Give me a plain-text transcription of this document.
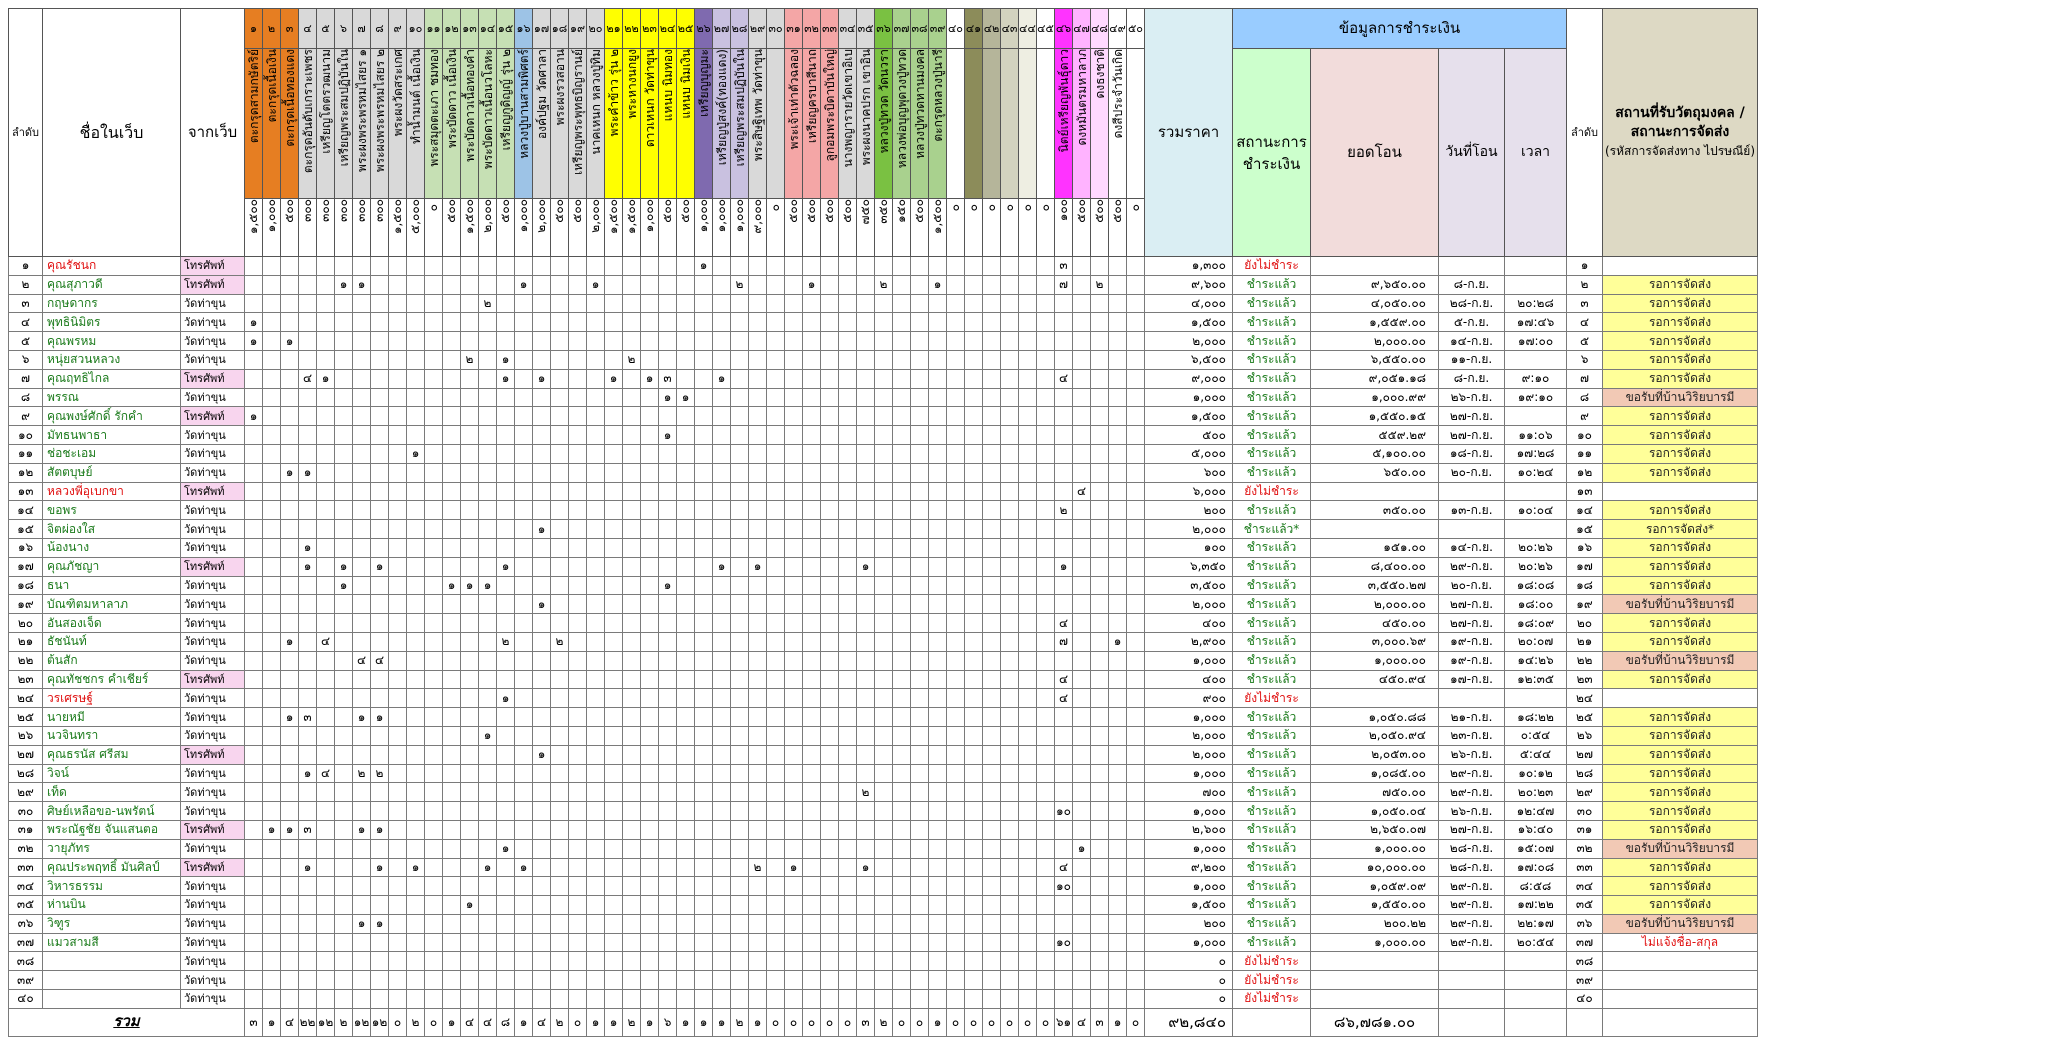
ลำดับ	ชื่อในเว็บ	จากเว็บ	๑	๒	๓	๔	๕	๖	๗	๘	๙	๑๐	๑๑	๑๒	๑๓	๑๔	๑๕	๑๖	๑๗	๑๘	๑๙	๒๐	๒๑	๒๒	๒๓	๒๔	๒๕	๒๖	๒๗	๒๘	๒๙	๓๐	๓๑	๓๒	๓๓	๓๔	๓๕	๓๖	๓๗	๓๘	๓๙	๔๐	๔๑	๔๒	๔๓	๔๔	๔๕	๔๖	๔๗	๔๘	๔๙	๕๐	รวมราคา	ข้อมูลการชำระเงิน				ลำดับ	สถานที่รับวัตถุมงคล / สถานะการจัดส่ง
(รหัสการจัดส่งทาง ไปรษณีย์)

			ตะกรุดสามกษัตริย์	ตะกรุดเนื้อเงิน	ตะกรุดเนื้อทองแดง	ตะกรุดอันดับเกราะเพชร	เหรียญโตตรวฒนาม	เหรียญพระสมปฏิบันใน	พระผงพระพรหมไสยร ๑	พระผงพระพรหมไสยร ๒	พระผงวัดสระเกศ	ทำน้ำมนต์ เนื้อเงิน	พระสมุดตะเภา ชมทอง	พระบัดดาว เนื้อเงิน	พระบัดดาวเนื้อทองคำ	พระบัดดาวเนื้อนวโลหะ	เหรียญกูดิญญ์ รุ่น ๒	หลวงปู่บานสามพิศตร์	องค์ปฐม วัดศาลา	พระผงรวสอาน	เหรียญพระพุทธบิญรานย์	นาคเหนก หลวงปู่ทิม	พระคำข้าว รุ่น ๒	พระหางนกยูง	ดาวเหนก วัดท่าขุน	แหนบ นิมทอง	แหนบ นิมเงิน	เหรียญบุญมะ	เหรียญปู่สงค์(ทองแดง)	เหรียญพระสมปฏิบันใน	พระสิษฐิเทพ วัดท่าขุน		พระเจ้าเท่าตัวฉลอง	เหรียญครบาสีนาถ	ลูกอมพระบิดาบันใหญ่	นางพญารายวัดเขาอิเบ	พระผงนาคปรก เขาอิน	หลวงปู่ทวด วัดนวรา	หลวงพ่อบุญพุดวงปู่ทวด	หลวงปู่ทวดหานมงคล	ตะกรุดหลวงปู่นารี							นิตย์เหรียญพันธุ์ดาว	ดงหมันตรมหาลาภ	ดงธงชาติ	ดงสีประจำวันเกิด			สถานะการชำระเงิน	ยอดโอน	วันที่โอน	เวลา		
			๑,๕๐๐	๑,๐๐๐	๕๐๐	๓๐๐	๓๐๐	๓๐๐	๓๐๐	๓๐๐	๑,๕๐๐	๕,๐๐๐	๐	๕๐๐	๑,๕๐๐	๒,๐๐๐	๕๐๐	๑,๐๐๐	๒,๐๐๐	๕๐๐	๕๐๐	๒,๐๐๐	๑,๕๐๐	๑,๕๐๐	๑,๐๐๐	๕๐๐	๕๐๐	๑,๐๐๐	๑,๐๐๐	๑,๐๐๐	๙,๐๐๐	๐	๕๐๐	๕๐๐	๕๐๐	๕๐๐	๗๕๐	๓๕๐	๑๕๐	๕๐๐	๑,๕๐๐	๐	๐	๐	๐	๐	๐	๑๐๐	๕๐๐	๕๐๐	๕๐๐	๐							
๑	คุณรัชนก	โทรศัพท์																										๑																				๓					๑,๓๐๐	ยังไม่ชำระ				๑	
๒	คุณสุภาวดี	โทรศัพท์						๑	๑									๑				๑								๒				๑				๒			๑							๗		๒			๙,๖๐๐	ชำระแล้ว	๙,๖๕๐.๐๐	๘-ก.ย.		๒	รอการจัดส่ง
๓	กฤษดากร	วัดท่าขุน														๒																																					๔,๐๐๐	ชำระแล้ว	๔,๐๕๐.๐๐	๒๘-ก.ย.	๒๐:๒๘	๓	รอการจัดส่ง
๔	พุทธินิมิตร	วัดท่าขุน	๑																																																		๑,๕๐๐	ชำระแล้ว	๑,๕๕๙.๐๐	๕-ก.ย.	๑๗:๔๖	๔	รอการจัดส่ง
๕	คุณพรหม	วัดท่าขุน	๑		๑																																																๒,๐๐๐	ชำระแล้ว	๒,๐๐๐.๐๐	๑๔-ก.ย.	๑๗:๐๐	๕	รอการจัดส่ง
๖	หนุ่ยสวนหลวง	วัดท่าขุน													๒		๑							๒																													๖,๕๐๐	ชำระแล้ว	๖,๕๕๐.๐๐	๑๑-ก.ย.		๖	รอการจัดส่ง
๗	คุณฤทธิไกล	โทรศัพท์				๔	๑										๑		๑				๑		๑	๓			๑																			๔					๙,๐๐๐	ชำระแล้ว	๙,๐๕๑.๑๘	๘-ก.ย.	๙:๑๐	๗	รอการจัดส่ง
๘	พรรณ	วัดท่าขุน																								๑	๑																										๑,๐๐๐	ชำระแล้ว	๑,๐๐๐.๙๙	๒๖-ก.ย.	๑๙:๑๐	๘	ขอรับที่บ้านวิริยบารมี
๙	คุณพงษ์ศักดิ์ รักคำ	โทรศัพท์	๑																																																		๑,๕๐๐	ชำระแล้ว	๑,๕๕๐.๑๕	๒๗-ก.ย.		๙	รอการจัดส่ง
๑๐	มัทธนพาธา	วัดท่าขุน																								๑																											๕๐๐	ชำระแล้ว	๕๕๙.๒๙	๒๗-ก.ย.	๑๑:๐๖	๑๐	รอการจัดส่ง
๑๑	ช่อชะเอม	วัดท่าขุน										๑																																									๕,๐๐๐	ชำระแล้ว	๕,๑๐๐.๐๐	๑๘-ก.ย.	๑๗:๒๘	๑๑	รอการจัดส่ง
๑๒	สัตตบุษย์	วัดท่าขุน			๑	๑																																															๖๐๐	ชำระแล้ว	๖๕๐.๐๐	๒๐-ก.ย.	๑๐:๒๔	๑๒	รอการจัดส่ง
๑๓	หลวงพี่อุเบกขา	โทรศัพท์																																															๔				๖,๐๐๐	ยังไม่ชำระ				๑๓	
๑๔	ขอพร	วัดท่าขุน																																														๒					๒๐๐	ชำระแล้ว	๓๕๐.๐๐	๑๓-ก.ย.	๑๐:๐๔	๑๔	รอการจัดส่ง
๑๕	จิตผ่องใส	วัดท่าขุน																	๑																																		๒,๐๐๐	ชำระแล้ว*				๑๕	รอการจัดส่ง*
๑๖	น้องนาง	วัดท่าขุน				๑																																															๑๐๐	ชำระแล้ว	๑๕๑.๐๐	๑๔-ก.ย.	๒๐:๒๖	๑๖	รอการจัดส่ง
๑๗	คุณภัชญา	โทรศัพท์				๑		๑		๑							๑												๑		๑						๑											๑					๖,๓๕๐	ชำระแล้ว	๘,๔๐๐.๐๐	๒๙-ก.ย.	๒๐:๒๖	๑๗	รอการจัดส่ง
๑๘	ธนา	วัดท่าขุน						๑						๑	๑	๑										๑																											๓,๕๐๐	ชำระแล้ว	๓,๕๕๐.๒๗	๒๐-ก.ย.	๑๘:๐๘	๑๘	รอการจัดส่ง
๑๙	บัณฑิตมหาลาภ	วัดท่าขุน																	๑																																		๒,๐๐๐	ชำระแล้ว	๒,๐๐๐.๐๐	๒๗-ก.ย.	๑๘:๐๐	๑๙	ขอรับที่บ้านวิริยบารมี
๒๐	อันสองเจ็ด	วัดท่าขุน																																														๔					๔๐๐	ชำระแล้ว	๔๕๐.๐๐	๒๗-ก.ย.	๑๘:๐๙	๒๐	รอการจัดส่ง
๒๑	ธัชนันท์	วัดท่าขุน			๑		๔										๒			๒																												๗			๑		๒,๙๐๐	ชำระแล้ว	๓,๐๐๐.๖๙	๑๙-ก.ย.	๒๐:๐๗	๒๑	รอการจัดส่ง
๒๒	ต้นสัก	วัดท่าขุน							๔	๔																																											๑,๐๐๐	ชำระแล้ว	๑,๐๐๐.๐๐	๑๙-ก.ย.	๑๔:๒๖	๒๒	ขอรับที่บ้านวิริยบารมี
๒๓	คุณทัชชกร คำเชียร์	โทรศัพท์																																														๔					๔๐๐	ชำระแล้ว	๔๕๐.๙๔	๑๗-ก.ย.	๑๒:๓๕	๒๓	รอการจัดส่ง
๒๔	วรเศรษฐ์	วัดท่าขุน															๑																															๔					๙๐๐	ยังไม่ชำระ				๒๔	
๒๕	นายหมี	วัดท่าขุน			๑	๓			๑	๑																																											๑,๐๐๐	ชำระแล้ว	๑,๐๕๐.๘๘	๒๑-ก.ย.	๑๘:๒๒	๒๕	รอการจัดส่ง
๒๖	นวจินทรา	วัดท่าขุน														๑																																					๒,๐๐๐	ชำระแล้ว	๒,๐๕๐.๙๔	๒๓-ก.ย.	๐:๕๔	๒๖	รอการจัดส่ง
๒๗	คุณธรนัส ศรีสม	โทรศัพท์																	๑																																		๒,๐๐๐	ชำระแล้ว	๒,๐๕๓.๐๐	๒๖-ก.ย.	๕:๔๔	๒๗	รอการจัดส่ง
๒๘	วิจน์	วัดท่าขุน				๑	๔		๒	๒																																											๑,๐๐๐	ชำระแล้ว	๑,๐๘๕.๐๐	๒๙-ก.ย.	๑๐:๑๒	๒๘	รอการจัดส่ง
๒๙	เท็ด	วัดท่าขุน																																			๒																๗๐๐	ชำระแล้ว	๗๕๐.๐๐	๒๙-ก.ย.	๒๐:๒๓	๒๙	รอการจัดส่ง
๓๐	ศิษย์เหลือขอ-นพรัตน์	วัดท่าขุน																																														๑๐					๑,๐๐๐	ชำระแล้ว	๑,๐๕๐.๐๔	๒๖-ก.ย.	๑๒:๔๗	๓๐	รอการจัดส่ง
๓๑	พระณัฐชัย จันแสนตอ	โทรศัพท์		๑	๑	๓			๑	๑																																											๒,๖๐๐	ชำระแล้ว	๒,๖๕๐.๐๗	๒๗-ก.ย.	๑๖:๔๐	๓๑	รอการจัดส่ง
๓๒	วายุภัทร	วัดท่าขุน															๑																																๑				๑,๐๐๐	ชำระแล้ว	๑,๐๐๐.๐๐	๒๘-ก.ย.	๑๕:๐๗	๓๒	ขอรับที่บ้านวิริยบารมี
๓๓	คุณประพฤทธิ์ มันศิลป์	โทรศัพท์				๑				๑		๑				๑		๑													๒		๑				๑											๔					๙,๒๐๐	ชำระแล้ว	๑๐,๐๐๐.๐๐	๒๘-ก.ย.	๑๗:๐๘	๓๓	รอการจัดส่ง
๓๔	วิหารธรรม	วัดท่าขุน																																														๑๐					๑,๐๐๐	ชำระแล้ว	๑,๐๕๙.๐๙	๒๙-ก.ย.	๘:๕๘	๓๔	รอการจัดส่ง
๓๕	ห่านบิน	วัดท่าขุน													๑																																						๑,๕๐๐	ชำระแล้ว	๑,๕๕๐.๐๐	๒๙-ก.ย.	๑๗:๒๒	๓๕	รอการจัดส่ง
๓๖	วิฑูร	วัดท่าขุน							๑	๑																																											๒๐๐	ชำระแล้ว	๒๐๐.๒๒	๒๙-ก.ย.	๒๒:๑๗	๓๖	ขอรับที่บ้านวิริยบารมี
๓๗	แมวสามสี	วัดท่าขุน																																														๑๐					๑,๐๐๐	ชำระแล้ว	๑,๐๐๐.๐๐	๒๙-ก.ย.	๒๐:๕๔	๓๗	ไม่แจ้งชื่อ-สกุล
๓๘		วัดท่าขุน																																																			๐	ยังไม่ชำระ				๓๘	
๓๙		วัดท่าขุน																																																			๐	ยังไม่ชำระ				๓๙	
๔๐		วัดท่าขุน																																																			๐	ยังไม่ชำระ				๔๐	
รวม			๓	๑	๔	๒๒	๑๒	๒	๑๒	๑๒	๐	๒	๐	๑	๔	๔	๘	๑	๔	๒	๐	๑	๑	๒	๑	๖	๑	๑	๑	๒	๑	๐	๐	๐	๐	๐	๓	๒	๐	๐	๑	๐	๐	๐	๐	๐	๐	๖๑	๔	๓	๑	๐	๙๒,๘๔๐		๘๖,๗๘๑.๐๐				
